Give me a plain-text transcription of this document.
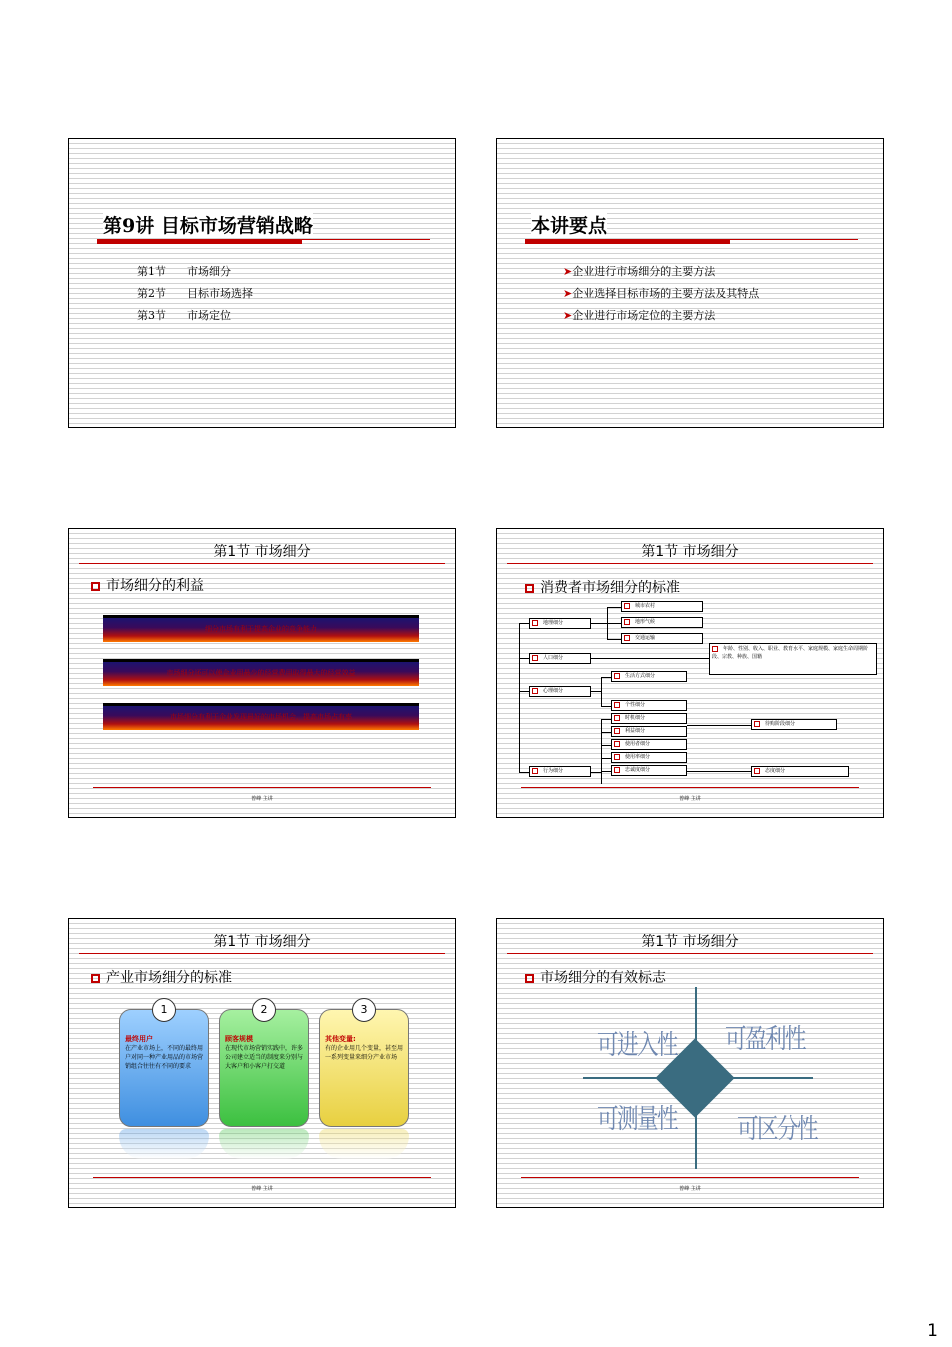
第9讲 目标市场营销战略
第1节 市场细分
第2节 目标市场选择
第3节 市场定位
本讲要点
➤企业进行市场细分的主要方法
➤企业选择目标市场的主要方法及其特点
➤企业进行市场定位的主要方法
第1节 市场细分
市场细分的利益
细分市场有利于提高企业的竞争能力
市场细分还可以使企业用最少的经营费用取得最大的经营效益
市场细分有利于企业发现最好的市场机会，提高市场占有率
曾峰 主讲
第1节 市场细分
消费者市场细分的标准
地理细分
人口细分
心理细分
行为细分
城市农村
地形气候
交通运输
年龄、性别、收入、职业、教育水平、家庭规模、家庭生命周期阶段、宗教、种族、国籍
生活方式细分
个性细分
时机细分
利益细分
使用者细分
使用率细分
忠诚度细分
待购阶段细分
态度细分
曾峰 主讲
第1节 市场细分
产业市场细分的标准
1
最终用户
在产业市场上，不同的最终用户对同一种产业用品的市场营销组合往往有不同的要求
2
顾客规模
在现代市场营销实践中，许多公司建立适当的制度来分别与大客户和小客户打交道
3
其他变量:
有的企业用几个变量，甚至用一系列变量来细分产业市场
曾峰 主讲
第1节 市场细分
市场细分的有效标志
可进入性 可盈利性
可测量性 可区分性
曾峰 主讲
1
